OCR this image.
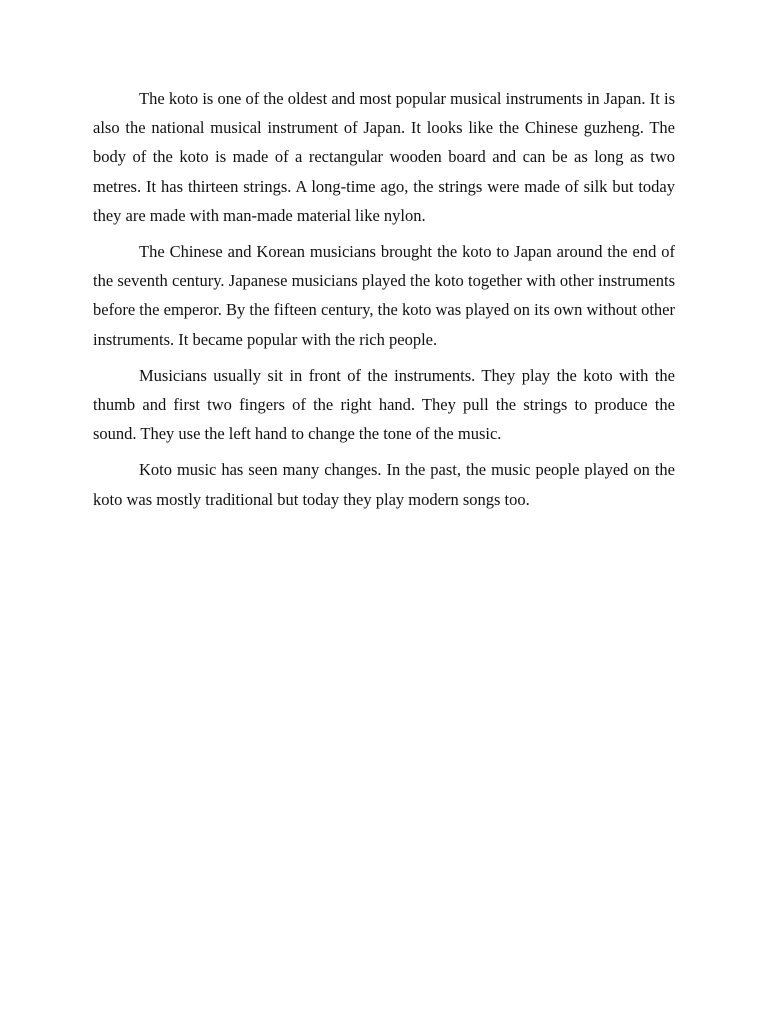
The koto is one of the oldest and most popular musical instruments in Japan. It is also the national musical instrument of Japan. It looks like the Chinese guzheng. The body of the koto is made of a rectangular wooden board and can be as long as two metres. It has thirteen strings. A long-time ago, the strings were made of silk but today they are made with man-made material like nylon.

The Chinese and Korean musicians brought the koto to Japan around the end of the seventh century. Japanese musicians played the koto together with other instruments before the emperor. By the fifteen century, the koto was played on its own without other instruments. It became popular with the rich people.

Musicians usually sit in front of the instruments. They play the koto with the thumb and first two fingers of the right hand. They pull the strings to produce the sound. They use the left hand to change the tone of the music.

Koto music has seen many changes. In the past, the music people played on the koto was mostly traditional but today they play modern songs too.
